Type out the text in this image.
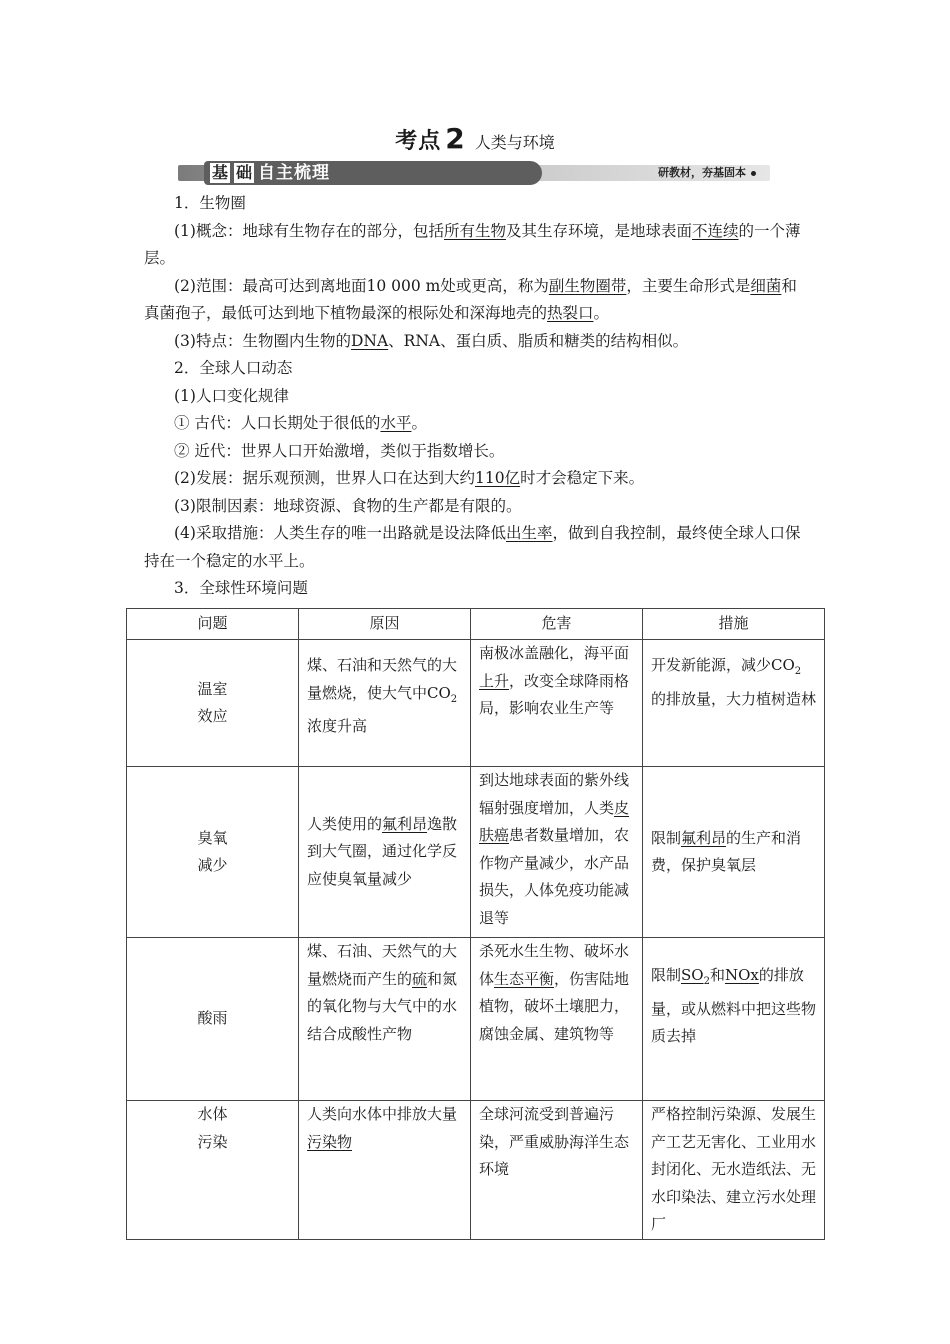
考点 2 人类与环境
基 础 自主梳理	研教材，夯基固本

1．生物圈

(1)概念：地球有生物存在的部分，包括所有生物及其生存环境，是地球表面不连续的一个薄层。

(2)范围：最高可达到离地面10 000 m处或更高，称为副生物圈带，主要生命形式是细菌和真菌孢子，最低可达到地下植物最深的根际处和深海地壳的热裂口。

(3)特点：生物圈内生物的DNA、RNA、蛋白质、脂质和糖类的结构相似。

2．全球人口动态

(1)人口变化规律

① 古代：人口长期处于很低的水平。

② 近代：世界人口开始激增，类似于指数增长。

(2)发展：据乐观预测，世界人口在达到大约110亿时才会稳定下来。

(3)限制因素：地球资源、食物的生产都是有限的。

(4)采取措施：人类生存的唯一出路就是设法降低出生率，做到自我控制，最终使全球人口保持在一个稳定的水平上。

3．全球性环境问题

问题	原因	危害	措施
温室
效应	煤、石油和天然气的大量燃烧，使大气中$CO_2$浓度升高	南极冰盖融化，海平面上升，改变全球降雨格局，影响农业生产等	开发新能源，减少$CO_2$的排放量，大力植树造林
臭氧
减少	人类使用的氟利昂逸散到大气圈，通过化学反应使臭氧量减少	到达地球表面的紫外线辐射强度增加，人类皮肤癌患者数量增加，农作物产量减少，水产品损失，人体免疫功能减退等	限制氟利昂的生产和消费，保护臭氧层
酸雨	煤、石油、天然气的大量燃烧而产生的硫和氮的氧化物与大气中的水结合成酸性产物	杀死水生生物、破坏水体生态平衡，伤害陆地植物，破坏土壤肥力，腐蚀金属、建筑物等	限制$SO_2$和NOx的排放量，或从燃料中把这些物质去掉
水体
污染	人类向水体中排放大量污染物	全球河流受到普遍污染，严重威胁海洋生态环境	严格控制污染源、发展生产工艺无害化、工业用水封闭化、无水造纸法、无水印染法、建立污水处理厂
